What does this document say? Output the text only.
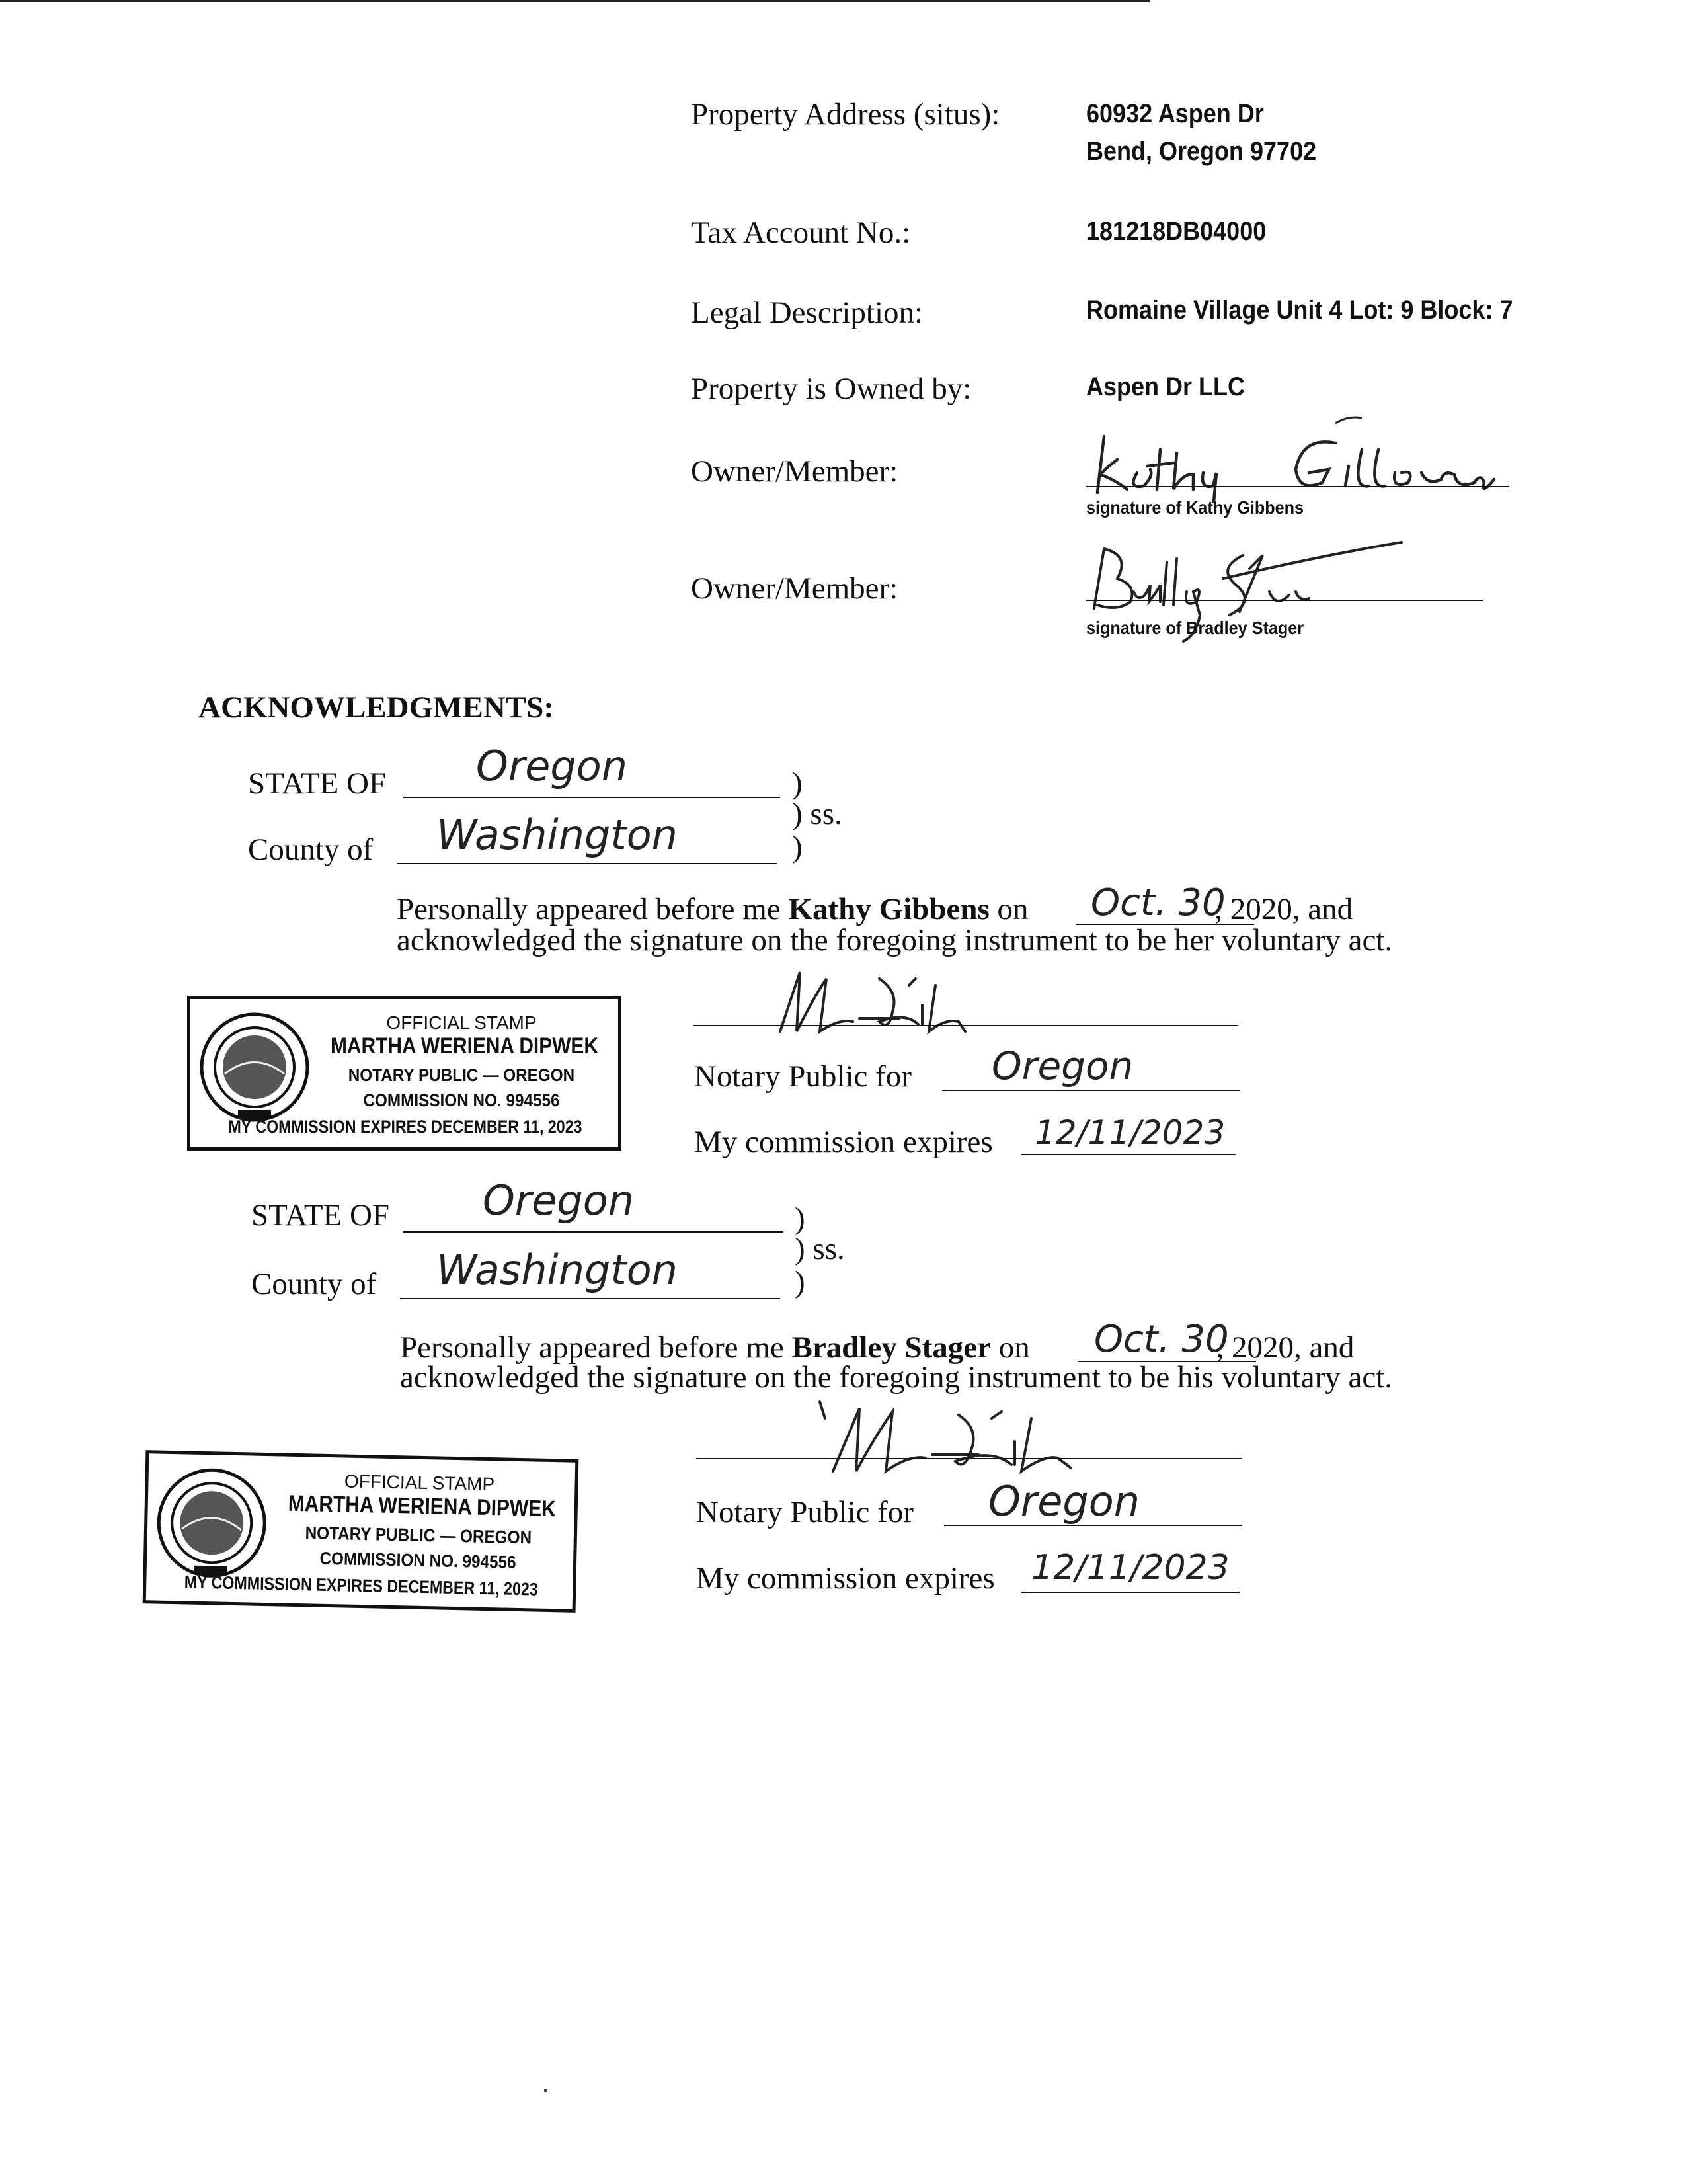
Property Address (situs):	60932 Aspen Dr
Bend, Oregon 97702
Tax Account No.:	181218DB04000
Legal Description:	Romaine Village Unit 4 Lot: 9 Block: 7
Property is Owned by:	Aspen Dr LLC
Owner/Member:
signature of Kathy Gibbens
Owner/Member:
signature of Bradley Stager
ACKNOWLEDGMENTS:
STATE OF Oregon	)
) ss.
County of Washington	)
Personally appeared before me Kathy Gibbens on	, 2020, and
Oct. 30
acknowledged the signature on the foregoing instrument to be her voluntary act.
OFFICIAL STAMP
MARTHA WERIENA DIPWEK
NOTARY PUBLIC — OREGON
COMMISSION NO. 994556
MY COMMISSION EXPIRES DECEMBER 11, 2023
Notary Public for Oregon
My commission expires 12/11/2023
STATE OF Oregon	)
) ss.
County of Washington	)
Personally appeared before me Bradley Stager on	, 2020, and
Oct. 30
acknowledged the signature on the foregoing instrument to be his voluntary act.
Notary Public for Oregon
My commission expires 12/11/2023
OFFICIAL STAMP
MARTHA WERIENA DIPWEK
NOTARY PUBLIC — OREGON
COMMISSION NO. 994556
MY COMMISSION EXPIRES DECEMBER 11, 2023
